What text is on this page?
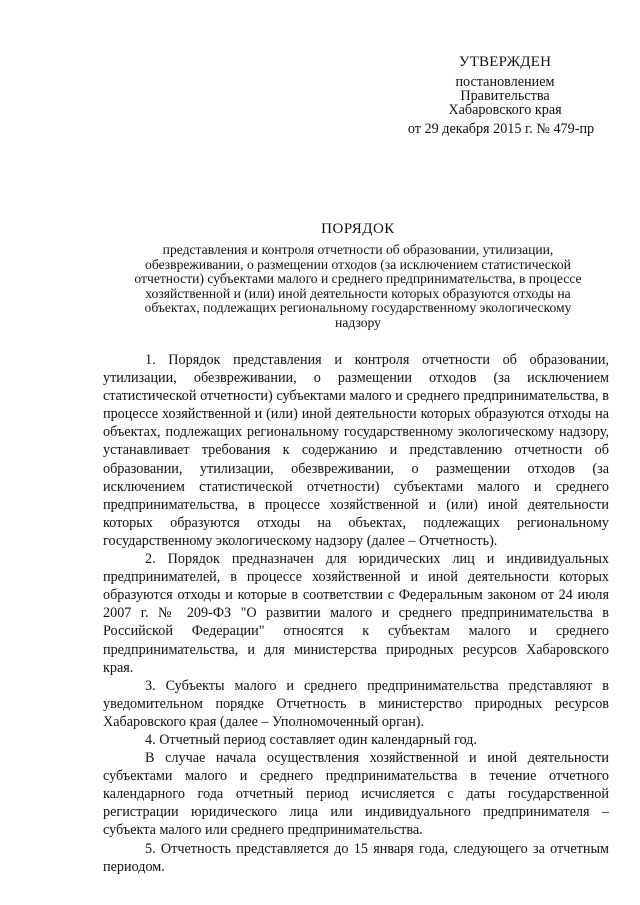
УТВЕРЖДЕН
постановлением
Правительства
Хабаровского края
от 29 декабря 2015 г. № 479-пр
ПОРЯДОК
представления и контроля отчетности об образовании, утилизации, обезвреживании, о размещении отходов (за исключением статистической отчетности) субъектами малого и среднего предпринимательства, в процессе хозяйственной и (или) иной деятельности которых образуются отходы на объектах, подлежащих региональному государственному экологическому надзору

1. Порядок представления и контроля отчетности об образовании, утилизации, обезвреживании, о размещении отходов (за исключением статистической отчетности) субъектами малого и среднего предпринимательства, в процессе хозяйственной и (или) иной деятельности которых образуются отходы на объектах, подлежащих региональному государственному экологическому надзору, устанавливает требования к содержанию и представлению отчетности об образовании, утилизации, обезвреживании, о размещении отходов (за исключением статистической отчетности) субъектами малого и среднего предпринимательства, в процессе хозяйственной и (или) иной деятельности которых образуются отходы на объектах, подлежащих региональному государственному экологическому надзору (далее – Отчетность).

2. Порядок предназначен для юридических лиц и индивидуальных предпринимателей, в процессе хозяйственной и иной деятельности которых образуются отходы и которые в соответствии с Федеральным законом от 24 июля 2007 г. № 209-ФЗ "О развитии малого и среднего предпринимательства в Российской Федерации" относятся к субъектам малого и среднего предпринимательства, и для министерства природных ресурсов Хабаровского края.

3. Субъекты малого и среднего предпринимательства представляют в уведомительном порядке Отчетность в министерство природных ресурсов Хабаровского края (далее – Уполномоченный орган).

4. Отчетный период составляет один календарный год.

В случае начала осуществления хозяйственной и иной деятельности субъектами малого и среднего предпринимательства в течение отчетного календарного года отчетный период исчисляется с даты государственной регистрации юридического лица или индивидуального предпринимателя – субъекта малого или среднего предпринимательства.

5. Отчетность представляется до 15 января года, следующего за отчетным периодом.
